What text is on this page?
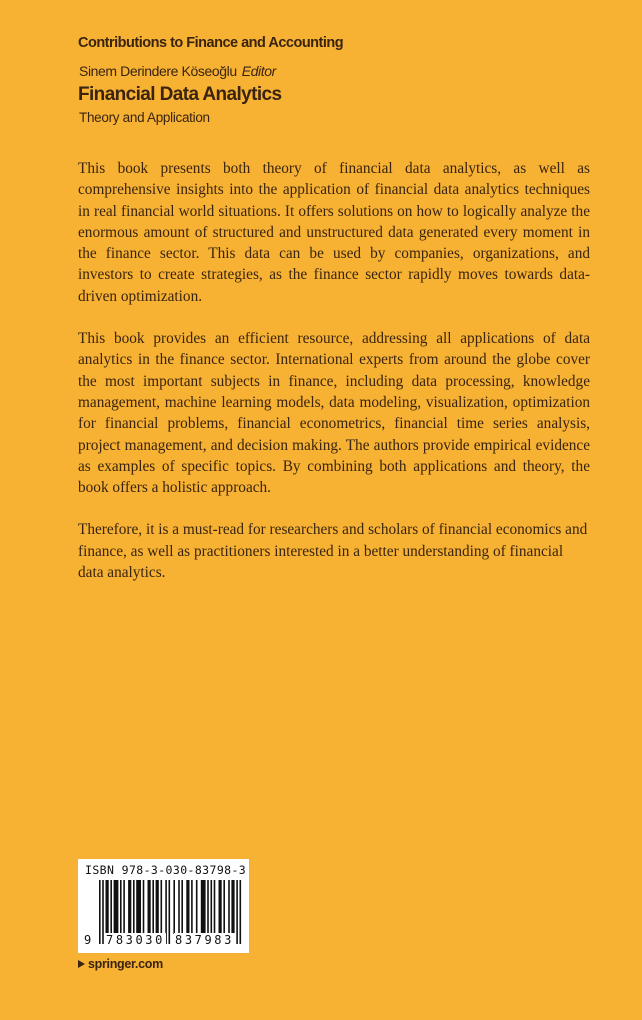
Contributions to Finance and Accounting
Sinem Derindere Köseoğlu Editor
Financial Data Analytics
Theory and Application

This book presents both theory of financial data analytics, as well as comprehensive insights into the application of financial data analytics techniques in real financial world situations. It offers solutions on how to logically analyze the enormous amount of structured and unstructured data generated every moment in the finance sector. This data can be used by companies, organizations, and investors to create strategies, as the finance sector rapidly moves towards data-driven optimization.

This book provides an efficient resource, addressing all applications of data analytics in the finance sector. International experts from around the globe cover the most important subjects in finance, including data processing, knowledge management, machine learning models, data modeling, visualization, optimization for financial problems, financial econometrics, financial time series analysis, project management, and decision making. The authors provide empirical evidence as examples of specific topics. By combining both applications and theory, the book offers a holistic approach.

Therefore, it is a must-read for researchers and scholars of financial economics and finance, as well as practitioners interested in a better understanding of financial data analytics.

ISBN 978-3-030-83798-3
9 783030 837983
springer.com
